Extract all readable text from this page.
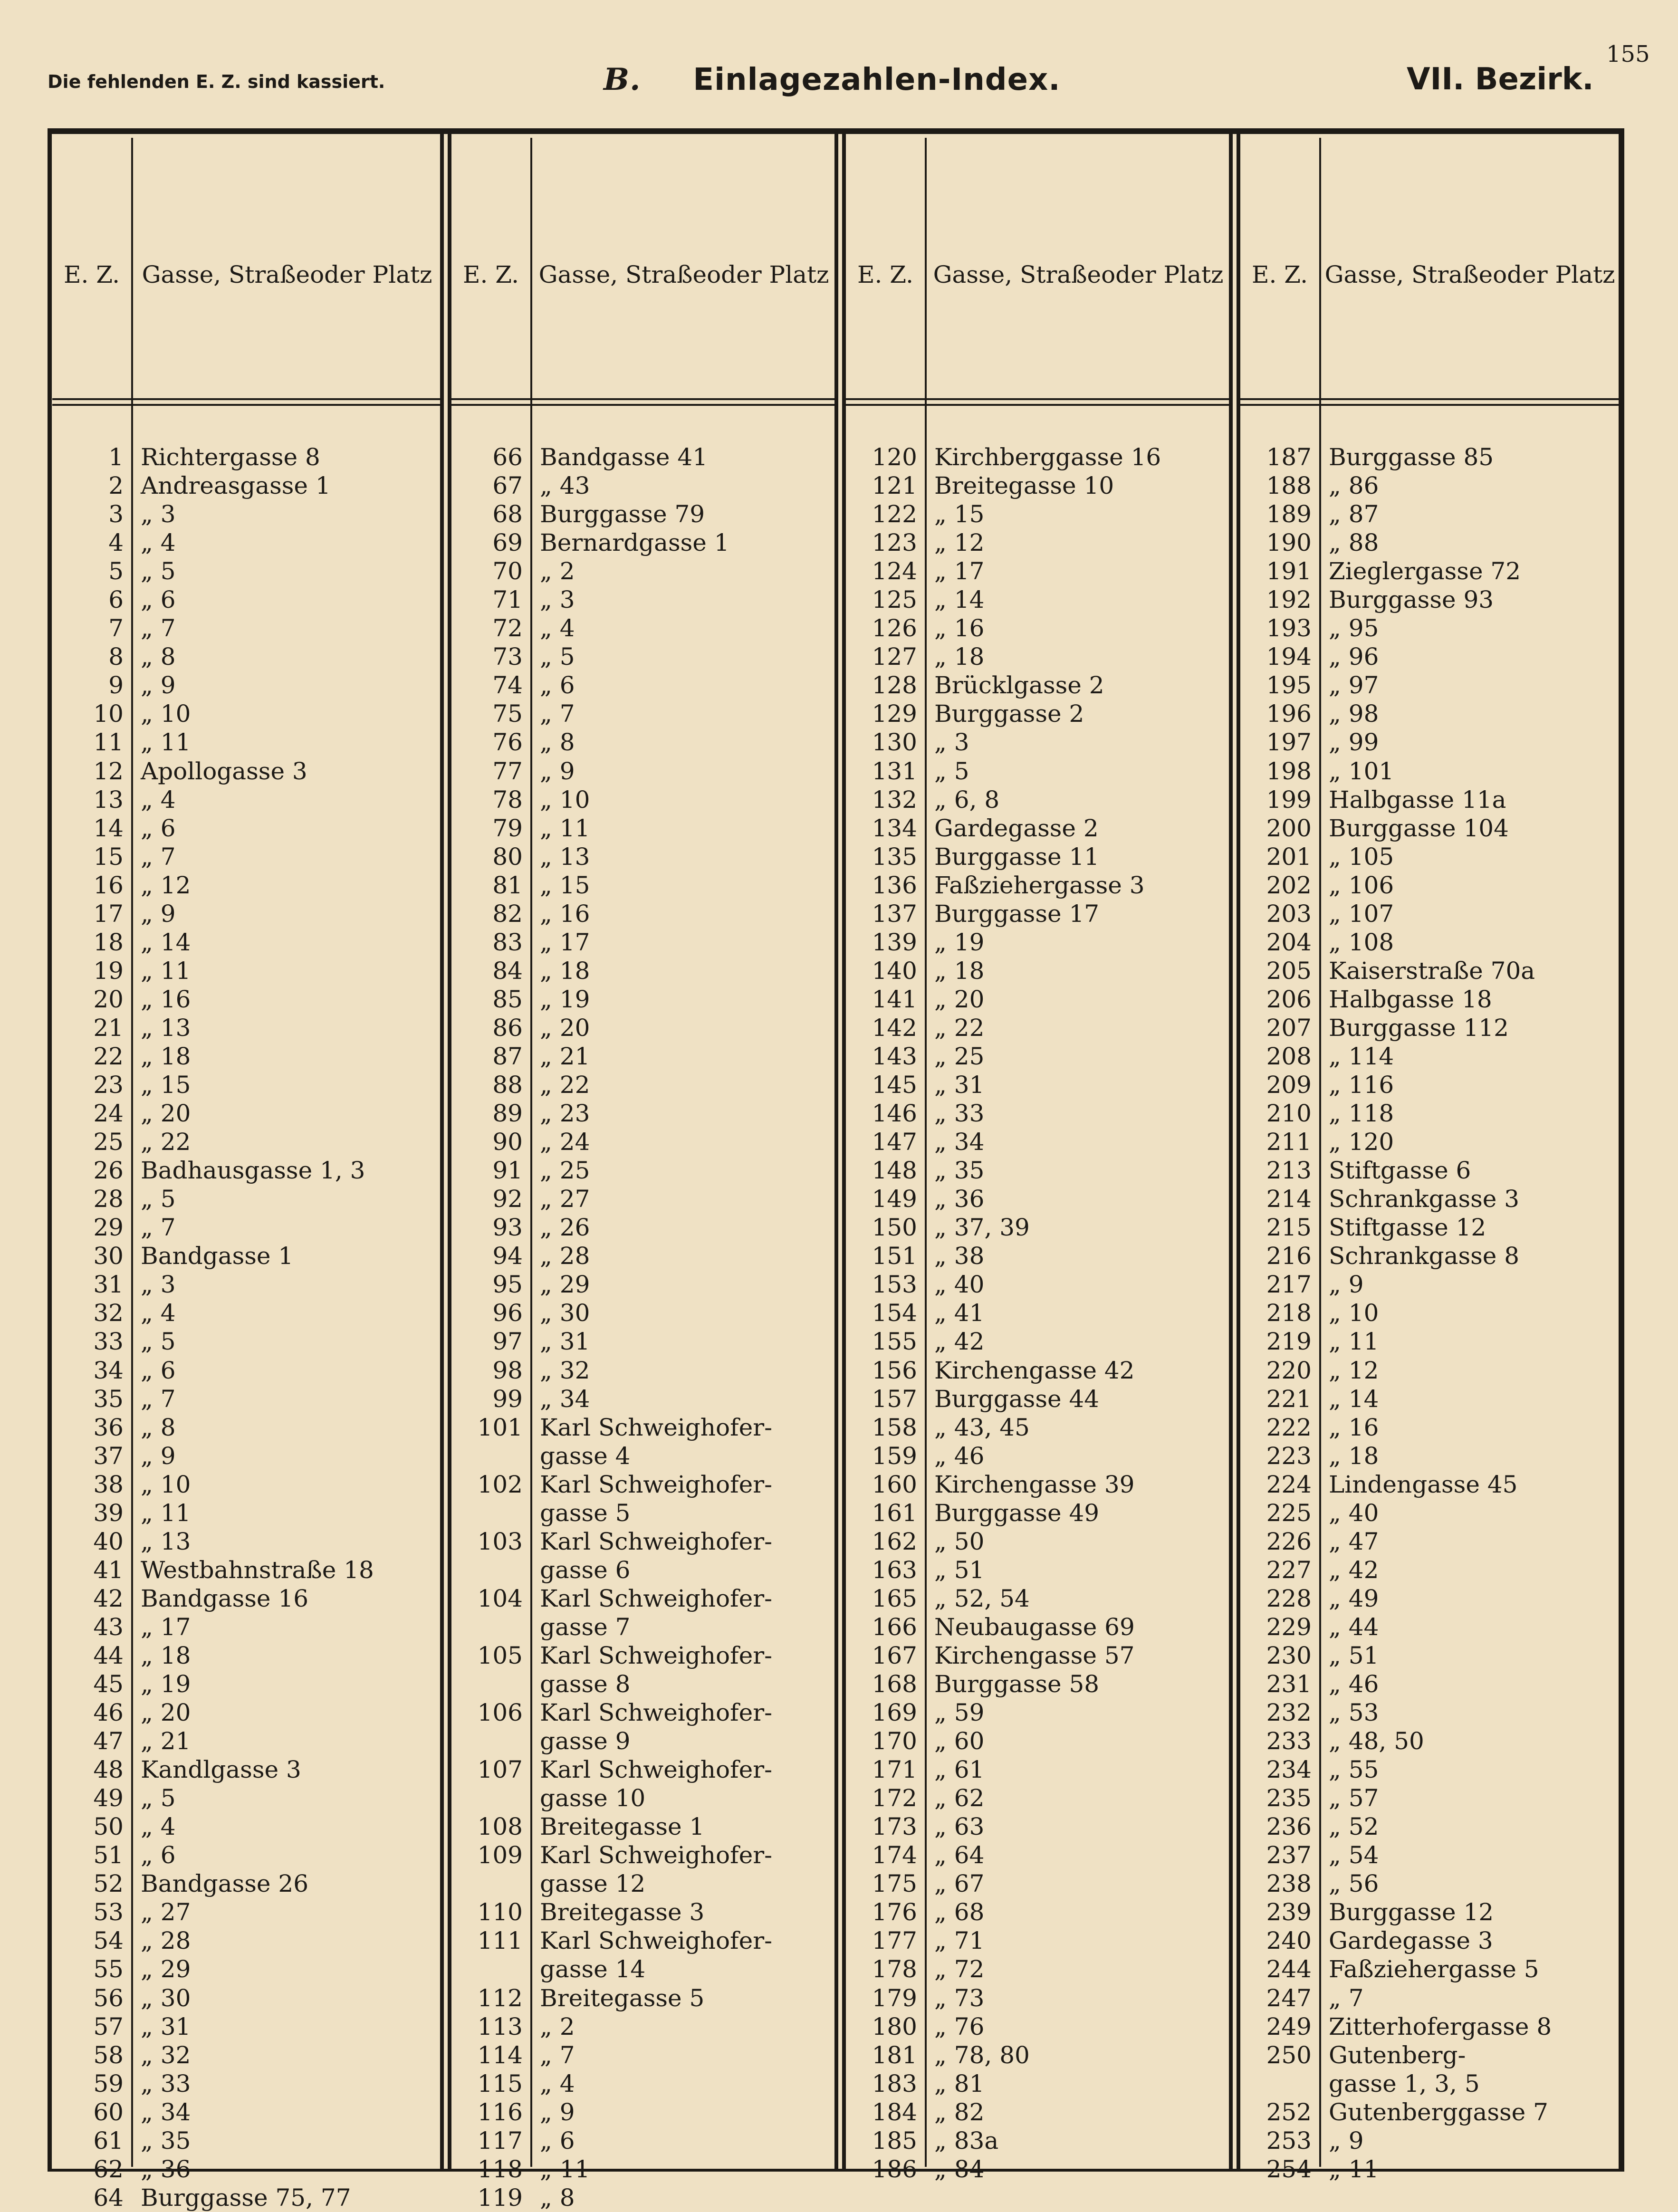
Die fehlenden E. Z. sind kassiert.	B. Einlagezahlen-Index.	VII. Bezirk.
155
E. Z. Gasse, Straße oder Platz
1 Richtergasse 8
2 Andreasgasse 1
3 „ 3
4 „ 4
5 „ 5
6 „ 6
7 „ 7
8 „ 8
9 „ 9
10 „ 10
11 „ 11
12 Apollogasse 3
13 „ 4
14 „ 6
15 „ 7
16 „ 12
17 „ 9
18 „ 14
19 „ 11
20 „ 16
21 „ 13
22 „ 18
23 „ 15
24 „ 20
25 „ 22
26 Badhausgasse 1, 3
28 „ 5
29 „ 7
30 Bandgasse 1
31 „ 3
32 „ 4
33 „ 5
34 „ 6
35 „ 7
36 „ 8
37 „ 9
38 „ 10
39 „ 11
40 „ 13
41 Westbahnstraße 18
42 Bandgasse 16
43 „ 17
44 „ 18
45 „ 19
46 „ 20
47 „ 21
48 Kandlgasse 3
49 „ 5
50 „ 4
51 „ 6
52 Bandgasse 26
53 „ 27
54 „ 28
55 „ 29
56 „ 30
57 „ 31
58 „ 32
59 „ 33
60 „ 34
61 „ 35
62 „ 36
64 Burggasse 75, 77
E. Z. Gasse, Straße oder Platz
66 Bandgasse 41
67 „ 43
68 Burggasse 79
69 Bernardgasse 1
70 „ 2
71 „ 3
72 „ 4
73 „ 5
74 „ 6
75 „ 7
76 „ 8
77 „ 9
78 „ 10
79 „ 11
80 „ 13
81 „ 15
82 „ 16
83 „ 17
84 „ 18
85 „ 19
86 „ 20
87 „ 21
88 „ 22
89 „ 23
90 „ 24
91 „ 25
92 „ 27
93 „ 26
94 „ 28
95 „ 29
96 „ 30
97 „ 31
98 „ 32
99 „ 34
101 Karl Schweighofer-
gasse 4
102 Karl Schweighofer-
gasse 5
103 Karl Schweighofer-
gasse 6
104 Karl Schweighofer-
gasse 7
105 Karl Schweighofer-
gasse 8
106 Karl Schweighofer-
gasse 9
107 Karl Schweighofer-
gasse 10
108 Breitegasse 1
109 Karl Schweighofer-
gasse 12
110 Breitegasse 3
111 Karl Schweighofer-
gasse 14
112 Breitegasse 5
113 „ 2
114 „ 7
115 „ 4
116 „ 9
117 „ 6
118 „ 11
119 „ 8
E. Z. Gasse, Straße oder Platz
120 Kirchberggasse 16
121 Breitegasse 10
122 „ 15
123 „ 12
124 „ 17
125 „ 14
126 „ 16
127 „ 18
128 Brücklgasse 2
129 Burggasse 2
130 „ 3
131 „ 5
132 „ 6, 8
134 Gardegasse 2
135 Burggasse 11
136 Faßziehergasse 3
137 Burggasse 17
139 „ 19
140 „ 18
141 „ 20
142 „ 22
143 „ 25
145 „ 31
146 „ 33
147 „ 34
148 „ 35
149 „ 36
150 „ 37, 39
151 „ 38
153 „ 40
154 „ 41
155 „ 42
156 Kirchengasse 42
157 Burggasse 44
158 „ 43, 45
159 „ 46
160 Kirchengasse 39
161 Burggasse 49
162 „ 50
163 „ 51
165 „ 52, 54
166 Neubaugasse 69
167 Kirchengasse 57
168 Burggasse 58
169 „ 59
170 „ 60
171 „ 61
172 „ 62
173 „ 63
174 „ 64
175 „ 67
176 „ 68
177 „ 71
178 „ 72
179 „ 73
180 „ 76
181 „ 78, 80
183 „ 81
184 „ 82
185 „ 83a
186 „ 84
E. Z. Gasse, Straße oder Platz
187 Burggasse 85
188 „ 86
189 „ 87
190 „ 88
191 Zieglergasse 72
192 Burggasse 93
193 „ 95
194 „ 96
195 „ 97
196 „ 98
197 „ 99
198 „ 101
199 Halbgasse 11a
200 Burggasse 104
201 „ 105
202 „ 106
203 „ 107
204 „ 108
205 Kaiserstraße 70a
206 Halbgasse 18
207 Burggasse 112
208 „ 114
209 „ 116
210 „ 118
211 „ 120
213 Stiftgasse 6
214 Schrankgasse 3
215 Stiftgasse 12
216 Schrankgasse 8
217 „ 9
218 „ 10
219 „ 11
220 „ 12
221 „ 14
222 „ 16
223 „ 18
224 Lindengasse 45
225 „ 40
226 „ 47
227 „ 42
228 „ 49
229 „ 44
230 „ 51
231 „ 46
232 „ 53
233 „ 48, 50
234 „ 55
235 „ 57
236 „ 52
237 „ 54
238 „ 56
239 Burggasse 12
240 Gardegasse 3
244 Faßziehergasse 5
247 „ 7
249 Zitterhofergasse 8
250 Gutenberg-
gasse 1, 3, 5
252 Gutenberggasse 7
253 „ 9
254 „ 11
